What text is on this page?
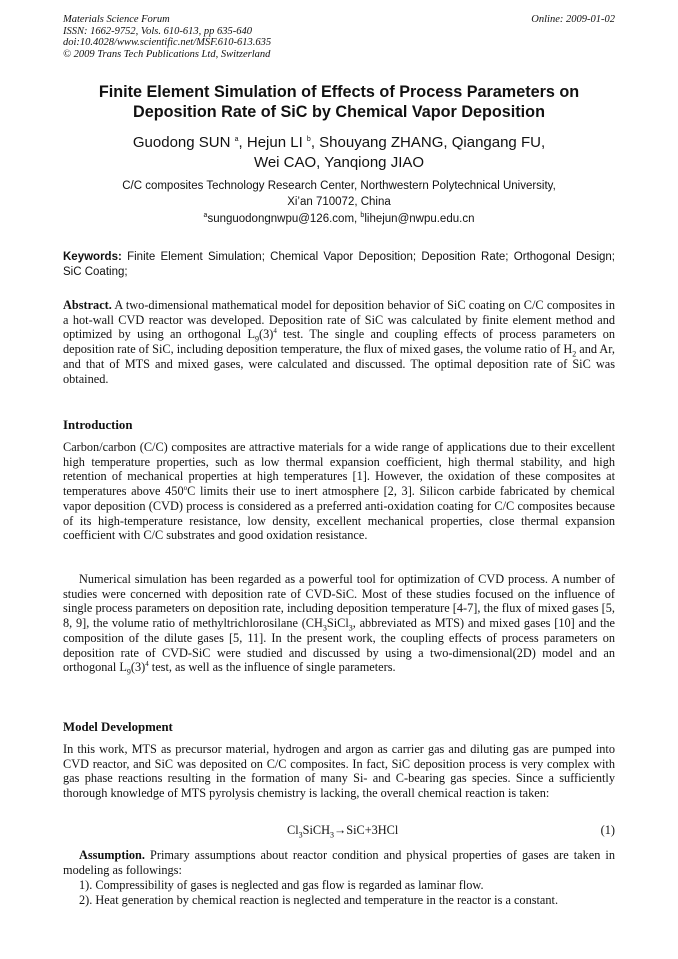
Materials Science Forum
ISSN: 1662-9752, Vols. 610-613, pp 635-640
doi:10.4028/www.scientific.net/MSF.610-613.635
© 2009 Trans Tech Publications Ltd, Switzerland
Online: 2009-01-02
Finite Element Simulation of Effects of Process Parameters on
Deposition Rate of SiC by Chemical Vapor Deposition
Guodong SUN $^a$, Hejun LI $^b$, Shouyang ZHANG, Qiangang FU,
Wei CAO, Yanqiong JIAO
C/C composites Technology Research Center, Northwestern Polytechnical University,
Xi’an 710072, China
$^a$sunguodongnwpu@126.com, $^b$lihejun@nwpu.edu.cn
Keywords: Finite Element Simulation; Chemical Vapor Deposition; Deposition Rate; Orthogonal Design; SiC Coating;
Abstract. A two-dimensional mathematical model for deposition behavior of SiC coating on C/C composites in a hot-wall CVD reactor was developed. Deposition rate of SiC was calculated by finite element method and optimized by using an orthogonal $L_9(3)^4$ test. The single and coupling effects of process parameters on deposition rate of SiC, including deposition temperature, the flux of mixed gases, the volume ratio of $H_2$ and Ar, and that of MTS and mixed gases, were calculated and discussed. The optimal deposition rate of SiC was obtained.
Introduction
Carbon/carbon (C/C) composites are attractive materials for a wide range of applications due to their excellent high temperature properties, such as low thermal expansion coefficient, high thermal stability, and high retention of mechanical properties at high temperatures [1]. However, the oxidation of these composites at temperatures above 450$^o$C limits their use to inert atmosphere [2, 3]. Silicon carbide fabricated by chemical vapor deposition (CVD) process is considered as a preferred anti-oxidation coating for C/C composites because of its high-temperature resistance, low density, excellent mechanical properties, close thermal expansion coefficient with C/C substrates and good oxidation resistance.
Numerical simulation has been regarded as a powerful tool for optimization of CVD process. A number of studies were concerned with deposition rate of CVD-SiC. Most of these studies focused on the influence of single process parameters on deposition rate, including deposition temperature [4-7], the flux of mixed gases [5, 8, 9], the volume ratio of methyltrichlorosilane ($CH_3SiCl_3$, abbreviated as MTS) and mixed gases [10] and the composition of the dilute gases [5, 11]. In the present work, the coupling effects of process parameters on deposition rate of CVD-SiC were studied and discussed by using a two-dimensional(2D) model and an orthogonal $L_9(3)^4$ test, as well as the influence of single parameters.
Model Development
In this work, MTS as precursor material, hydrogen and argon as carrier gas and diluting gas are pumped into CVD reactor, and SiC was deposited on C/C composites. In fact, SiC deposition process is very complex with gas phase reactions resulting in the formation of many Si- and C-bearing gas species. Since a sufficiently thorough knowledge of MTS pyrolysis chemistry is lacking, the overall chemical reaction is taken:
$Cl_3SiCH_3\to SiC+3HCl$	(1)
Assumption. Primary assumptions about reactor condition and physical properties of gases are taken in modeling as followings:
1). Compressibility of gases is neglected and gas flow is regarded as laminar flow.
2). Heat generation by chemical reaction is neglected and temperature in the reactor is a constant.
